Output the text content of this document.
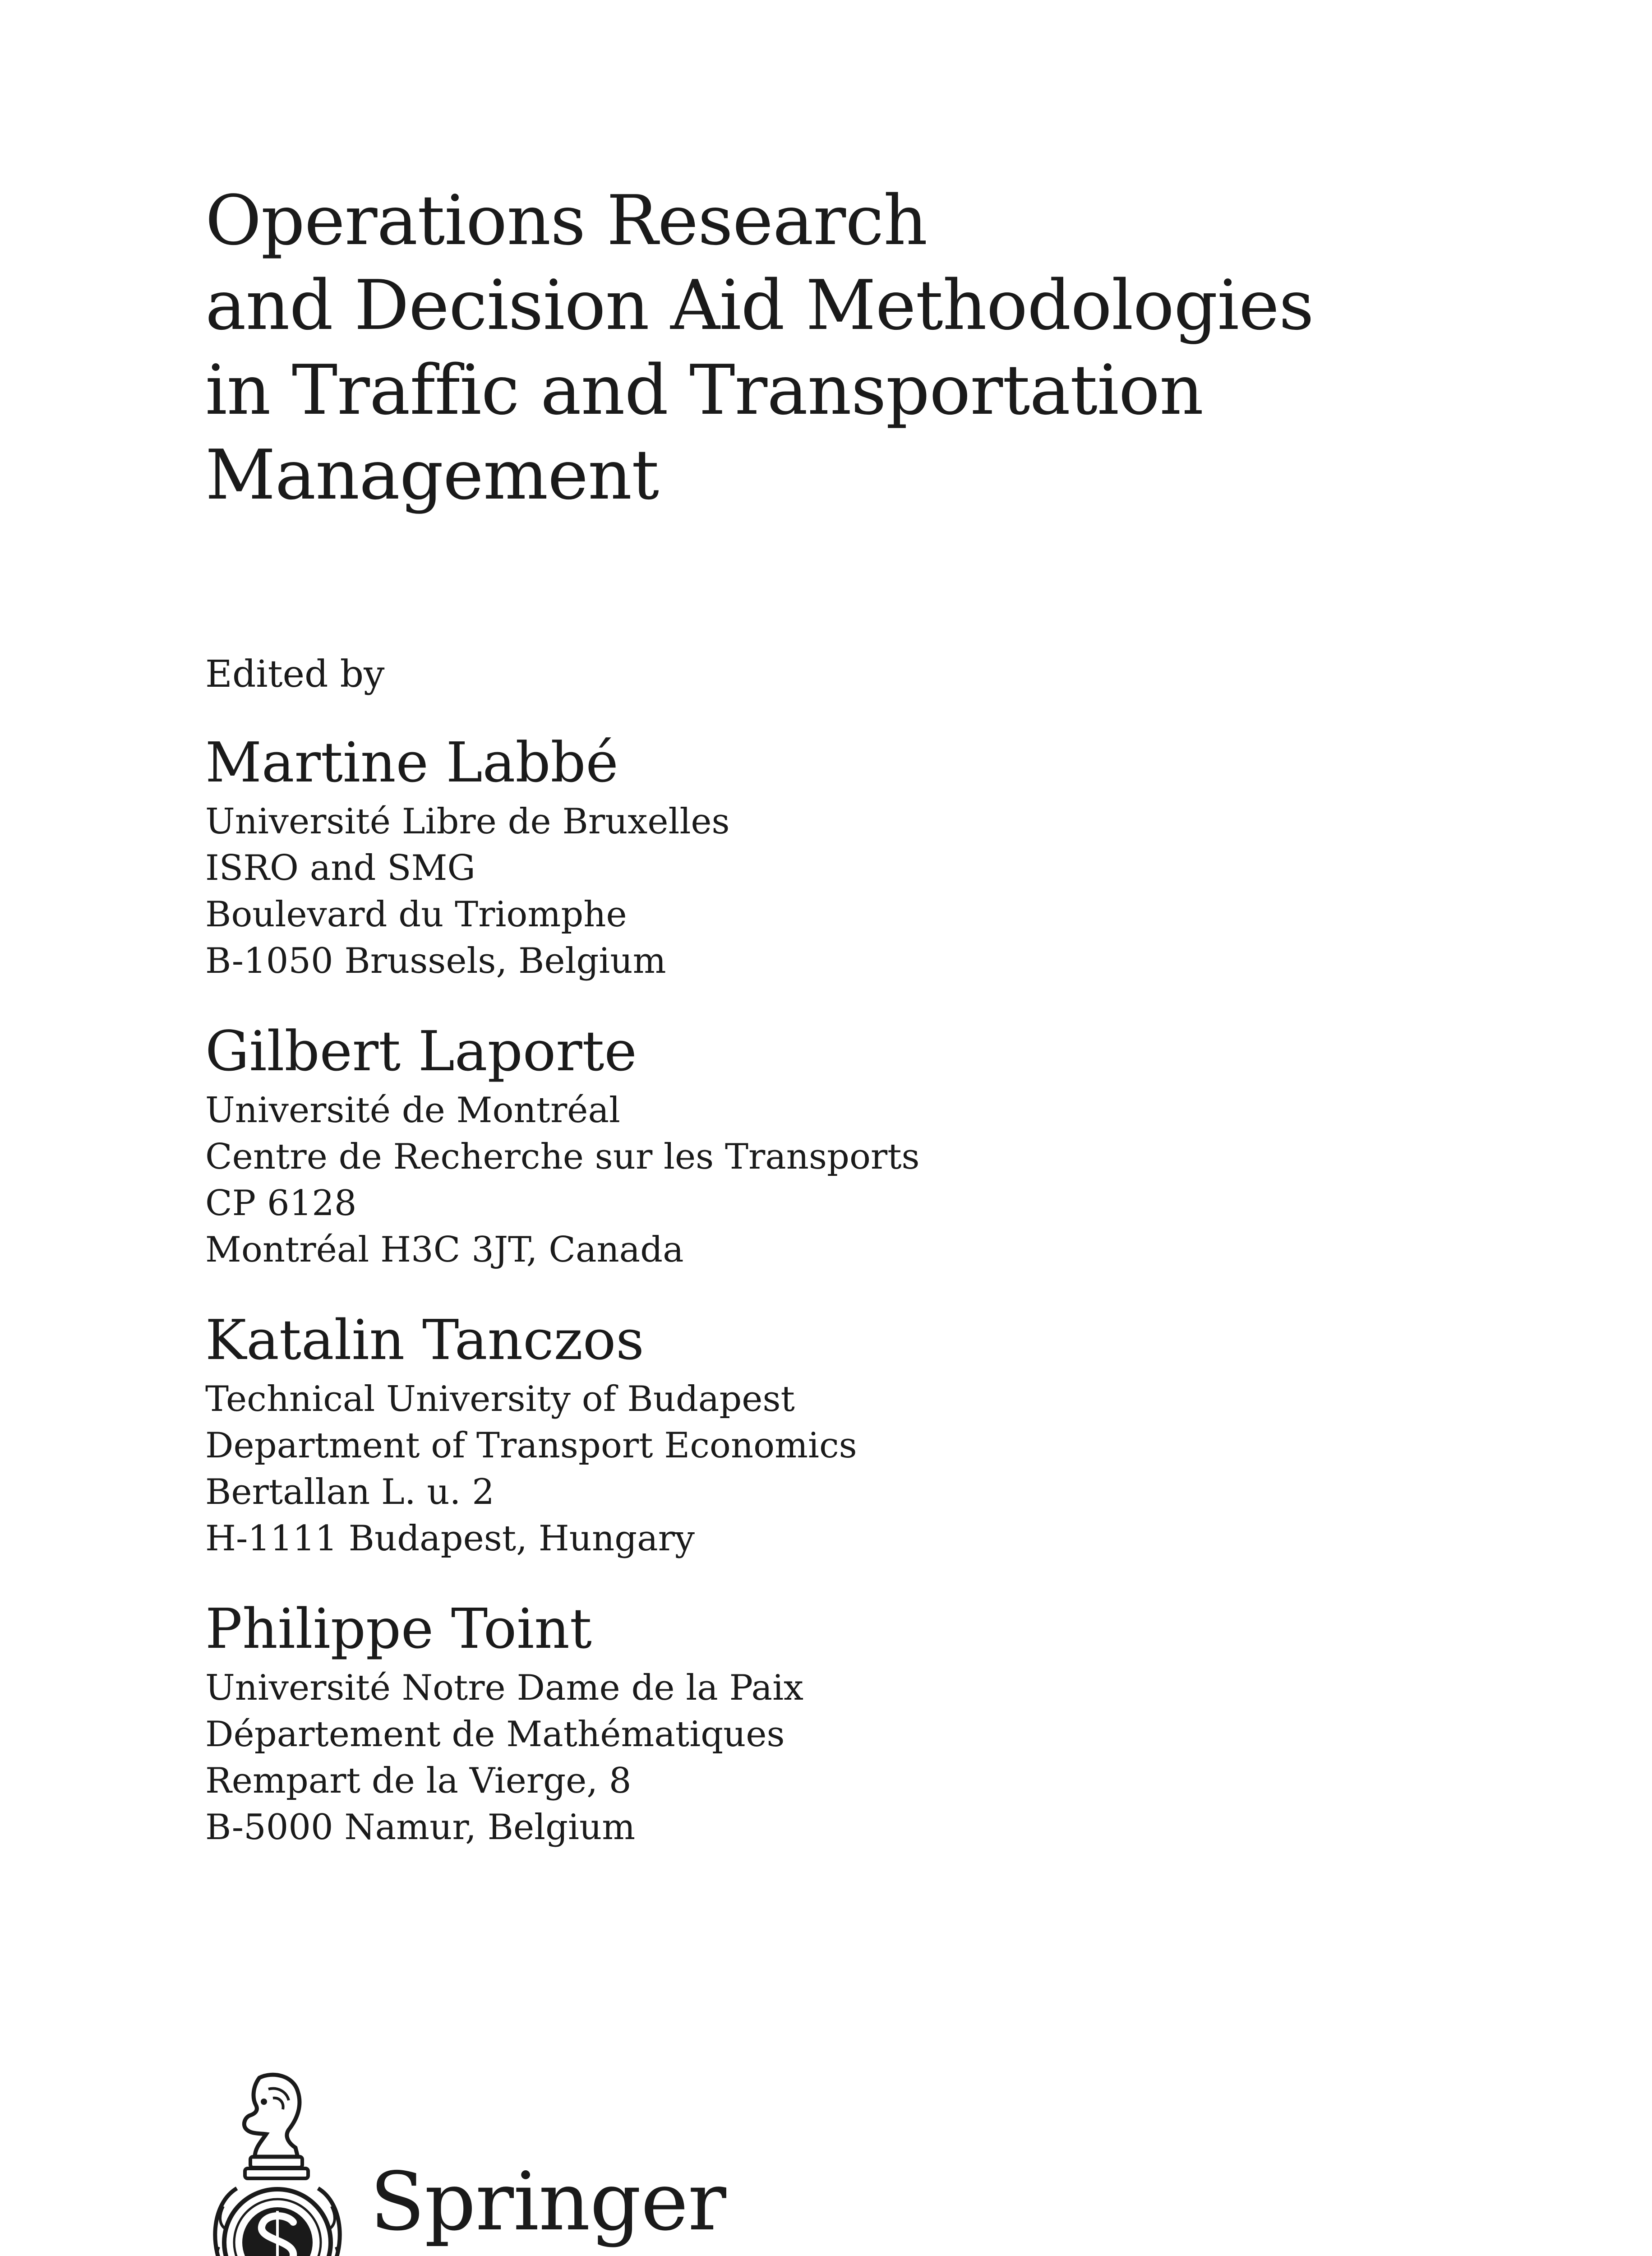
Operations Research
and Decision Aid Methodologies
in Traffic and Transportation
Management
Edited by
Martine Labbé
Université Libre de Bruxelles
ISRO and SMG
Boulevard du Triomphe
B-1050 Brussels, Belgium
Gilbert Laporte
Université de Montréal
Centre de Recherche sur les Transports
CP 6128
Montréal H3C 3JT, Canada
Katalin Tanczos
Technical University of Budapest
Department of Transport Economics
Bertallan L. u. 2
H-1111 Budapest, Hungary
Philippe Toint
Université Notre Dame de la Paix
Département de Mathématiques
Rempart de la Vierge, 8
B-5000 Namur, Belgium
Springer
